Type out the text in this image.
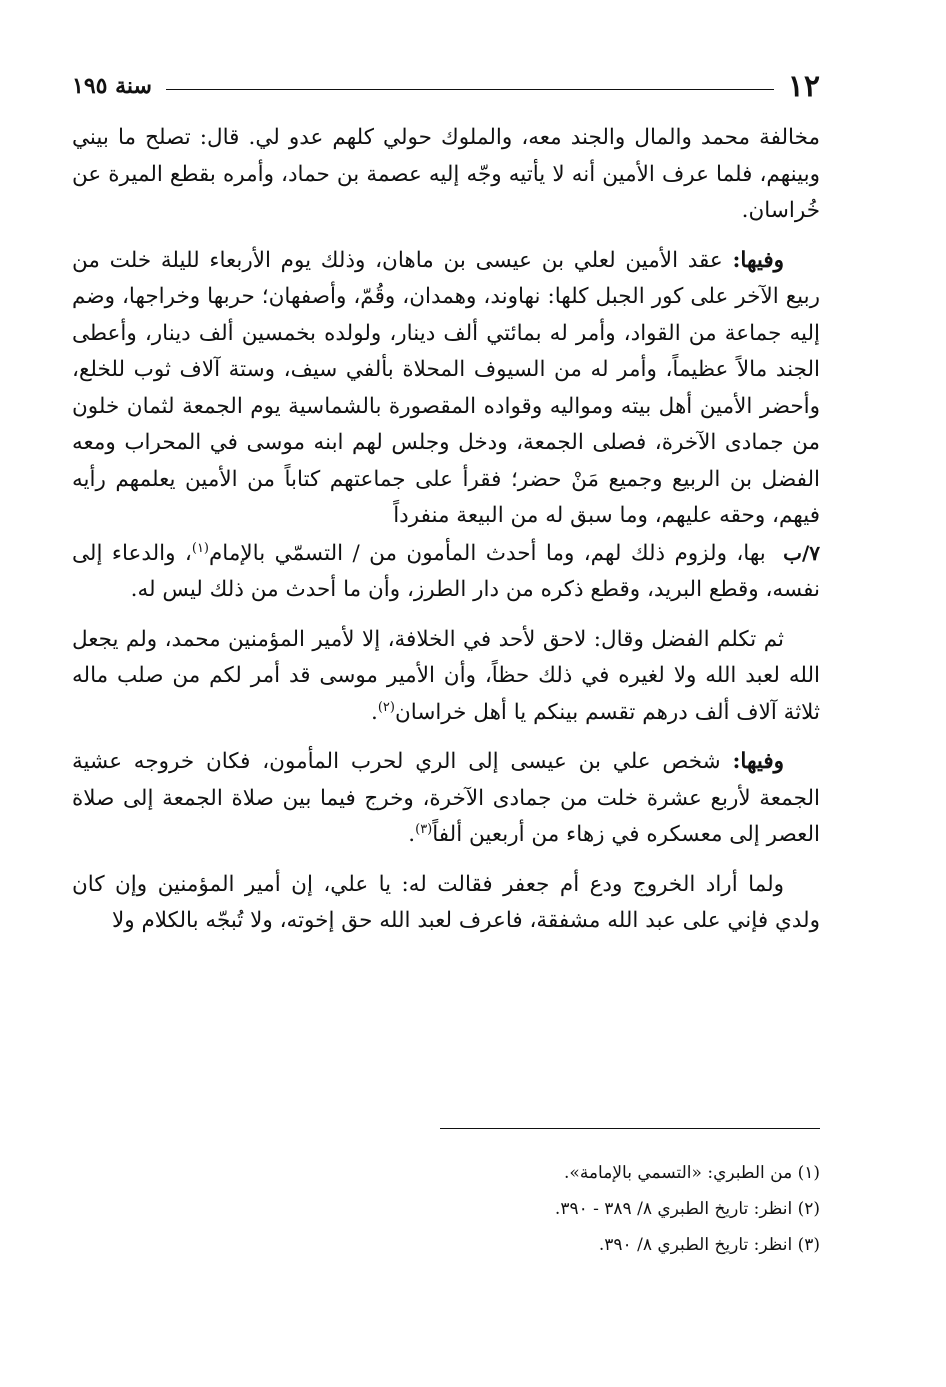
١٢
سنة ١٩٥

مخالفة محمد والمال والجند معه، والملوك حولي كلهم عدو لي. قال: تصلح ما بيني وبينهم، فلما عرف الأمين أنه لا يأتيه وجّه إليه عصمة بن حماد، وأمره بقطع الميرة عن خُراسان.

وفيها: عقد الأمين لعلي بن عيسى بن ماهان، وذلك يوم الأربعاء لليلة خلت من ربيع الآخر على كور الجبل كلها: نهاوند، وهمدان، وقُمّ، وأصفهان؛ حربها وخراجها، وضم إليه جماعة من القواد، وأمر له بمائتي ألف دينار، ولولده بخمسين ألف دينار، وأعطى الجند مالاً عظيماً، وأمر له من السيوف المحلاة بألفي سيف، وستة آلاف ثوب للخلع، وأحضر الأمين أهل بيته ومواليه وقواده المقصورة بالشماسية يوم الجمعة لثمان خلون من جمادى الآخرة، فصلى الجمعة، ودخل وجلس لهم ابنه موسى في المحراب ومعه الفضل بن الربيع وجميع مَنْ حضر؛ فقرأ على جماعتهم كتاباً من الأمين يعلمهم رأيه فيهم، وحقه عليهم، وما سبق له من البيعة منفرداً
٧/ب بها، ولزوم ذلك لهم، وما أحدث المأمون من / التسمّي بالإمام$^{(١)}$، والدعاء إلى نفسه، وقطع البريد، وقطع ذكره من دار الطرز، وأن ما أحدث من ذلك ليس له.

ثم تكلم الفضل وقال: لاحق لأحد في الخلافة، إلا لأمير المؤمنين محمد، ولم يجعل الله لعبد الله ولا لغيره في ذلك حظاً، وأن الأمير موسى قد أمر لكم من صلب ماله ثلاثة آلاف ألف درهم تقسم بينكم يا أهل خراسان$^{(٢)}$.

وفيها: شخص علي بن عيسى إلى الري لحرب المأمون، فكان خروجه عشية الجمعة لأربع عشرة خلت من جمادى الآخرة، وخرج فيما بين صلاة الجمعة إلى صلاة العصر إلى معسكره في زهاء من أربعين ألفاً$^{(٣)}$.

ولما أراد الخروج ودع أم جعفر فقالت له: يا علي، إن أمير المؤمنين وإن كان ولدي فإني على عبد الله مشفقة، فاعرف لعبد الله حق إخوته، ولا تُبجّه بالكلام ولا

(١) من الطبري: «التسمي بالإمامة».
(٢) انظر: تاريخ الطبري ٨/ ٣٨٩ - ٣٩٠.
(٣) انظر: تاريخ الطبري ٨/ ٣٩٠.
